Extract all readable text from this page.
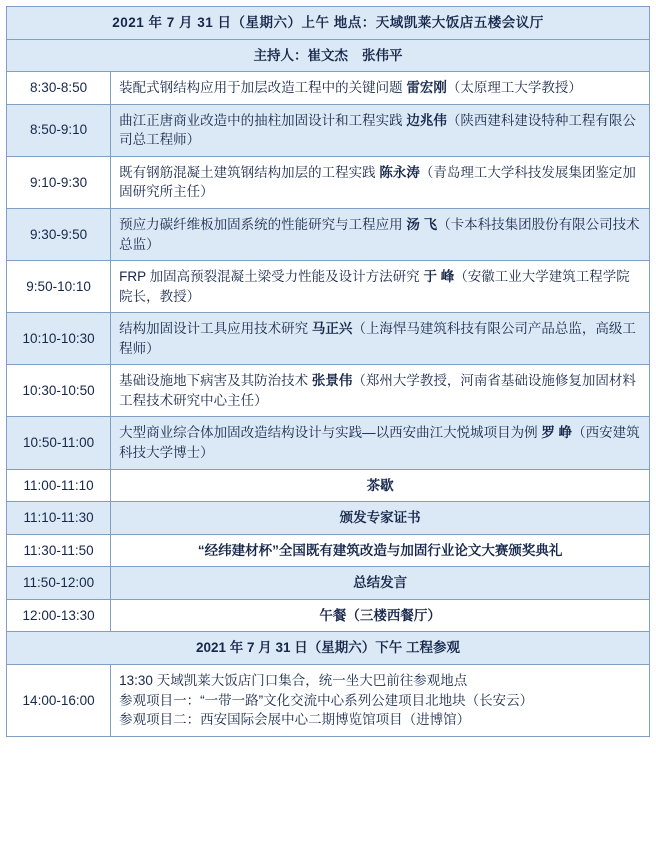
2021 年 7 月 31 日（星期六）上午 地点：天域凯莱大饭店五楼会议厅	
主持人：崔文杰 张伟平	
8:30-8:50	装配式钢结构应用于加层改造工程中的关键问题 雷宏刚（太原理工大学教授）
8:50-9:10	曲江正唐商业改造中的抽柱加固设计和工程实践 边兆伟（陕西建科建设特种工程有限公司总工程师）
9:10-9:30	既有钢筋混凝土建筑钢结构加层的工程实践 陈永涛（青岛理工大学科技发展集团鉴定加固研究所主任）
9:30-9:50	预应力碳纤维板加固系统的性能研究与工程应用 汤 飞（卡本科技集团股份有限公司技术总监）
9:50-10:10	FRP 加固高预裂混凝土梁受力性能及设计方法研究 于 峰（安徽工业大学建筑工程学院院长，教授）
10:10-10:30	结构加固设计工具应用技术研究 马正兴（上海悍马建筑科技有限公司产品总监，高级工程师）
10:30-10:50	基础设施地下病害及其防治技术 张景伟（郑州大学教授，河南省基础设施修复加固材料工程技术研究中心主任）
10:50-11:00	大型商业综合体加固改造结构设计与实践—以西安曲江大悦城项目为例 罗 峥（西安建筑科技大学博士）
11:00-11:10	茶歇
11:10-11:30	颁发专家证书
11:30-11:50	“经纬建材杯”全国既有建筑改造与加固行业论文大赛颁奖典礼
11:50-12:00	总结发言
12:00-13:30	午餐（三楼西餐厅）
2021 年 7 月 31 日（星期六）下午 工程参观	
14:00-16:00	13:30 天域凯莱大饭店门口集合，统一坐大巴前往参观地点
参观项目一：“一带一路”文化交流中心系列公建项目北地块（长安云）
参观项目二：西安国际会展中心二期博览馆项目（进博馆）
